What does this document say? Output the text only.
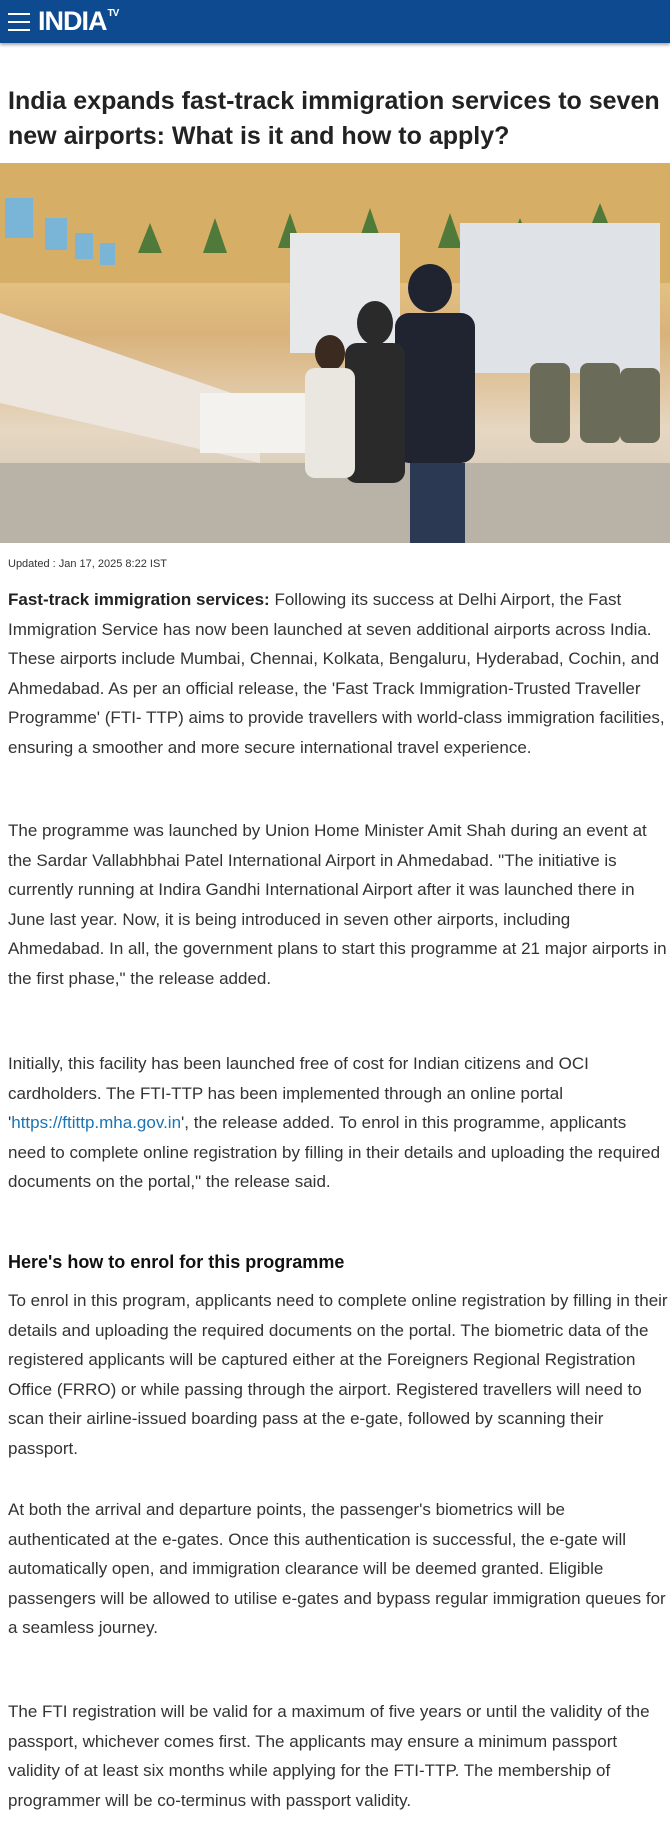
$INDIA^{TV}$
India expands fast-track immigration services to seven new airports: What is it and how to apply?
Updated : Jan 17, 2025 8:22 IST

Fast-track immigration services: Following its success at Delhi Airport, the Fast Immigration Service has now been launched at seven additional airports across India. These airports include Mumbai, Chennai, Kolkata, Bengaluru, Hyderabad, Cochin, and Ahmedabad. As per an official release, the 'Fast Track Immigration-Trusted Traveller Programme' (FTI- TTP) aims to provide travellers with world-class immigration facilities, ensuring a smoother and more secure international travel experience.

The programme was launched by Union Home Minister Amit Shah during an event at the Sardar Vallabhbhai Patel International Airport in Ahmedabad. "The initiative is currently running at Indira Gandhi International Airport after it was launched there in June last year. Now, it is being introduced in seven other airports, including Ahmedabad. In all, the government plans to start this programme at 21 major airports in the first phase," the release added.

Initially, this facility has been launched free of cost for Indian citizens and OCI cardholders. The FTI-TTP has been implemented through an online portal 'https://ftittp.mha.gov.in', the release added. To enrol in this programme, applicants need to complete online registration by filling in their details and uploading the required documents on the portal," the release said.

Here's how to enrol for this programme

To enrol in this program, applicants need to complete online registration by filling in their details and uploading the required documents on the portal. The biometric data of the registered applicants will be captured either at the Foreigners Regional Registration Office (FRRO) or while passing through the airport. Registered travellers will need to scan their airline-issued boarding pass at the e-gate, followed by scanning their passport.

At both the arrival and departure points, the passenger's biometrics will be authenticated at the e-gates. Once this authentication is successful, the e-gate will automatically open, and immigration clearance will be deemed granted. Eligible passengers will be allowed to utilise e-gates and bypass regular immigration queues for a seamless journey.

The FTI registration will be valid for a maximum of five years or until the validity of the passport, whichever comes first. The applicants may ensure a minimum passport validity of at least six months while applying for the FTI-TTP. The membership of programmer will be co-terminus with passport validity.
